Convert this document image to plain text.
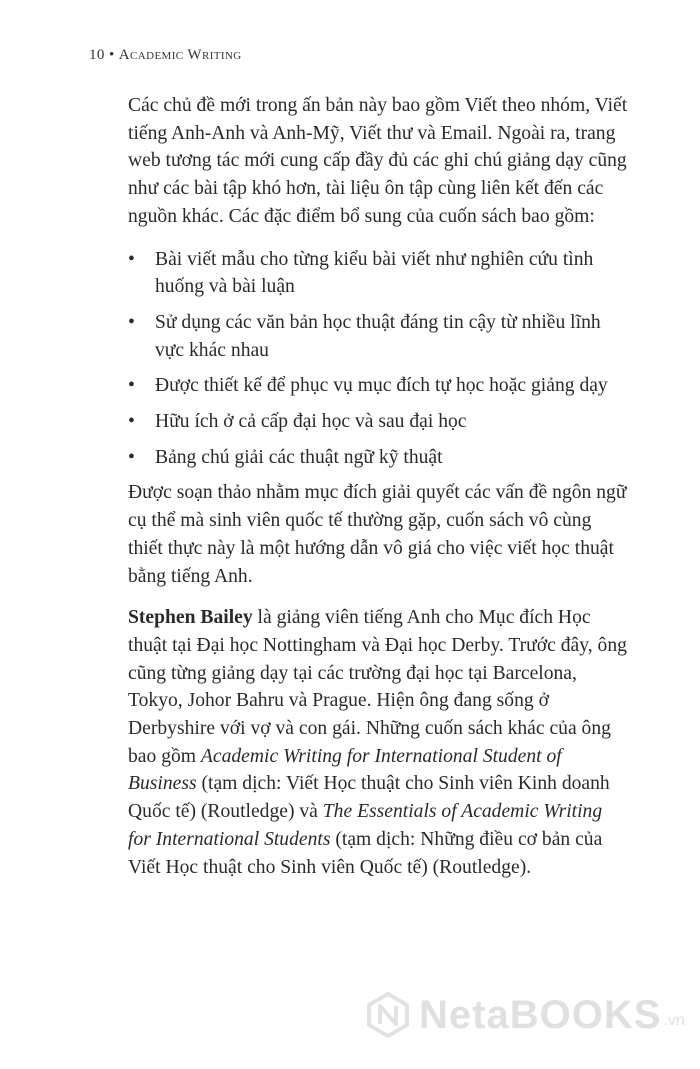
10 • Academic Writing

Các chủ đề mới trong ấn bản này bao gồm Viết theo nhóm, Viết tiếng Anh-Anh và Anh-Mỹ, Viết thư và Email. Ngoài ra, trang web tương tác mới cung cấp đầy đủ các ghi chú giảng dạy cũng như các bài tập khó hơn, tài liệu ôn tập cùng liên kết đến các nguồn khác. Các đặc điểm bổ sung của cuốn sách bao gồm:

• Bài viết mẫu cho từng kiểu bài viết như nghiên cứu tình huống và bài luận
• Sử dụng các văn bản học thuật đáng tin cậy từ nhiều lĩnh vực khác nhau
• Được thiết kế để phục vụ mục đích tự học hoặc giảng dạy
• Hữu ích ở cả cấp đại học và sau đại học
• Bảng chú giải các thuật ngữ kỹ thuật

Được soạn thảo nhằm mục đích giải quyết các vấn đề ngôn ngữ cụ thể mà sinh viên quốc tế thường gặp, cuốn sách vô cùng thiết thực này là một hướng dẫn vô giá cho việc viết học thuật bằng tiếng Anh.

Stephen Bailey là giảng viên tiếng Anh cho Mục đích Học thuật tại Đại học Nottingham và Đại học Derby. Trước đây, ông cũng từng giảng dạy tại các trường đại học tại Barcelona, Tokyo, Johor Bahru và Prague. Hiện ông đang sống ở Derbyshire với vợ và con gái. Những cuốn sách khác của ông bao gồm Academic Writing for International Student of Business (tạm dịch: Viết Học thuật cho Sinh viên Kinh doanh Quốc tế) (Routledge) và The Essentials of Academic Writing for International Students (tạm dịch: Những điều cơ bản của Viết Học thuật cho Sinh viên Quốc tế) (Routledge).

NetaBOOKS .vn
